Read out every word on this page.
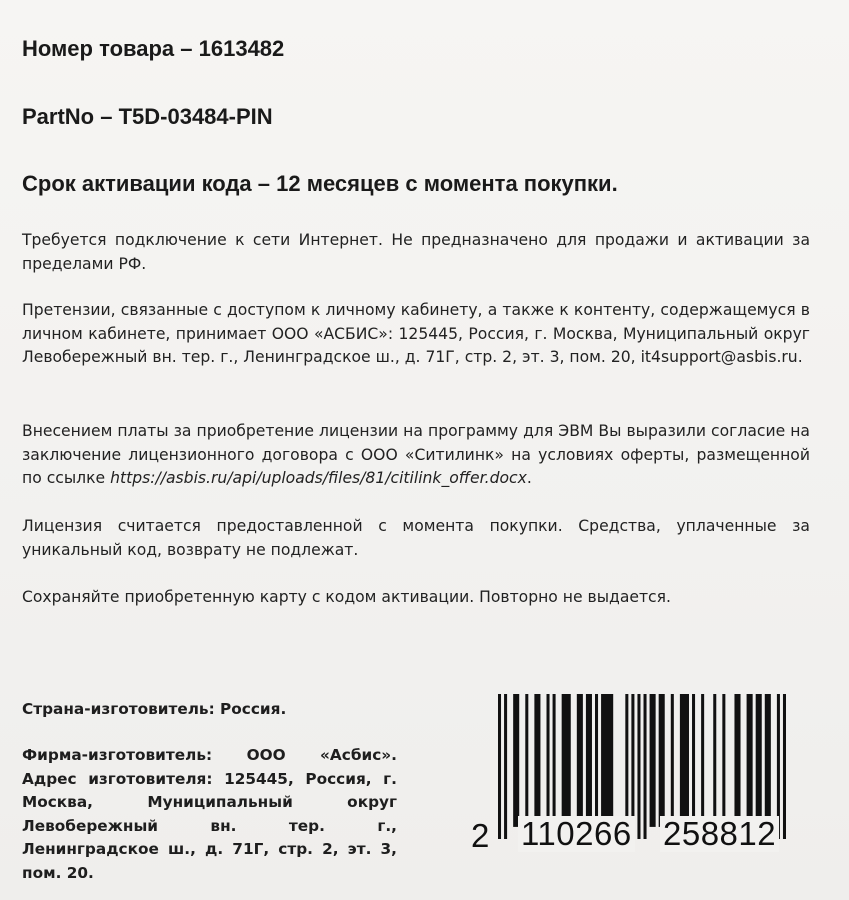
Номер товара – 1613482

PartNo – T5D-03484-PIN

Срок активации кода – 12 месяцев с момента покупки.

Требуется подключение к сети Интернет. Не предназначено для продажи и активации за пределами РФ.

Претензии, связанные с доступом к личному кабинету, а также к контенту, содержащемуся в личном кабинете, принимает ООО «АСБИС»: 125445, Россия, г. Москва, Муниципальный округ Левобережный вн. тер. г., Ленинградское ш., д. 71Г, стр. 2, эт. 3, пом. 20, it4support@asbis.ru.

Внесением платы за приобретение лицензии на программу для ЭВМ Вы выразили согласие на заключение лицензионного договора с ООО «Ситилинк» на условиях оферты, размещенной по ссылке https://asbis.ru/api/uploads/files/81/citilink_offer.docx.

Лицензия считается предоставленной с момента покупки. Средства, уплаченные за уникальный код, возврату не подлежат.

Сохраняйте приобретенную карту с кодом активации. Повторно не выдается.

Страна-изготовитель: Россия.

Фирма-изготовитель: ООО «Асбис». Адрес изготовителя: 125445, Россия, г. Москва, Муниципальный округ Левобережный вн. тер. г., Ленинградское ш., д. 71Г, стр. 2, эт. 3, пом. 20.

2 110266 258812
